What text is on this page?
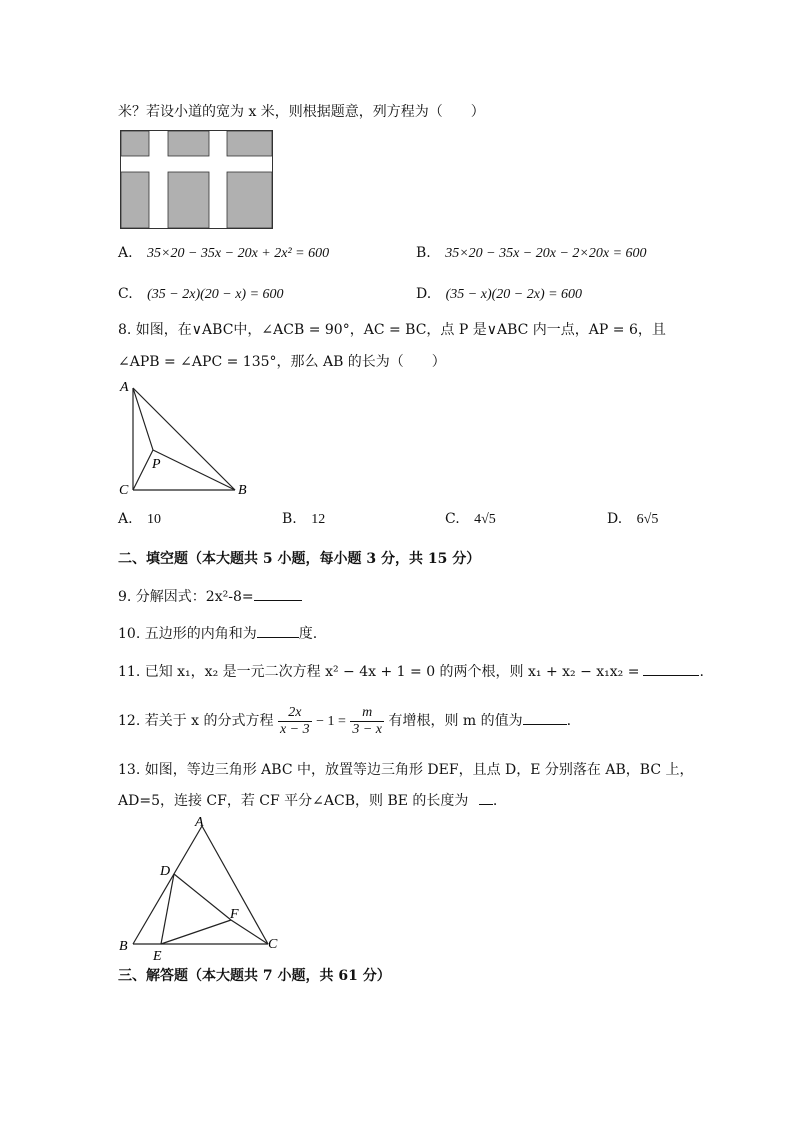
米？若设小道的宽为 x 米，则根据题意，列方程为（　　）
A. 35×20 − 35x − 20x + 2x² = 600	B. 35×20 − 35x − 20x − 2×20x = 600
C. (35 − 2x)(20 − x) = 600	D. (35 − x)(20 − 2x) = 600
8. 如图，在∨ABC中，∠ACB = 90°，AC = BC，点 P 是∨ABC 内一点，AP = 6，且
∠APB = ∠APC = 135°，那么 AB 的长为（　　）
A
C	B
P
A. 10	B. 12	C. 4√5	D. 6√5
二、填空题（本大题共 5 小题，每小题 3 分，共 15 分）
9. 分解因式：2x²-8=
10. 五边形的内角和为	度.
11. 已知 x₁，x₂ 是一元二次方程 x² − 4x + 1 = 0 的两个根，则 x₁ + x₂ − x₁x₂ =	.
12. 若关于 x 的分式方程 $\frac{2x}{x - 3} - 1 = \frac{m}{3 - x}$ 有增根，则 m 的值为	.
13. 如图，等边三角形 ABC 中，放置等边三角形 DEF，且点 D，E 分别落在 AB，BC 上，
AD=5，连接 CF，若 CF 平分∠ACB，则 BE 的长度为 .
A
D
F
B	C
E
三、解答题（本大题共 7 小题，共 61 分）
